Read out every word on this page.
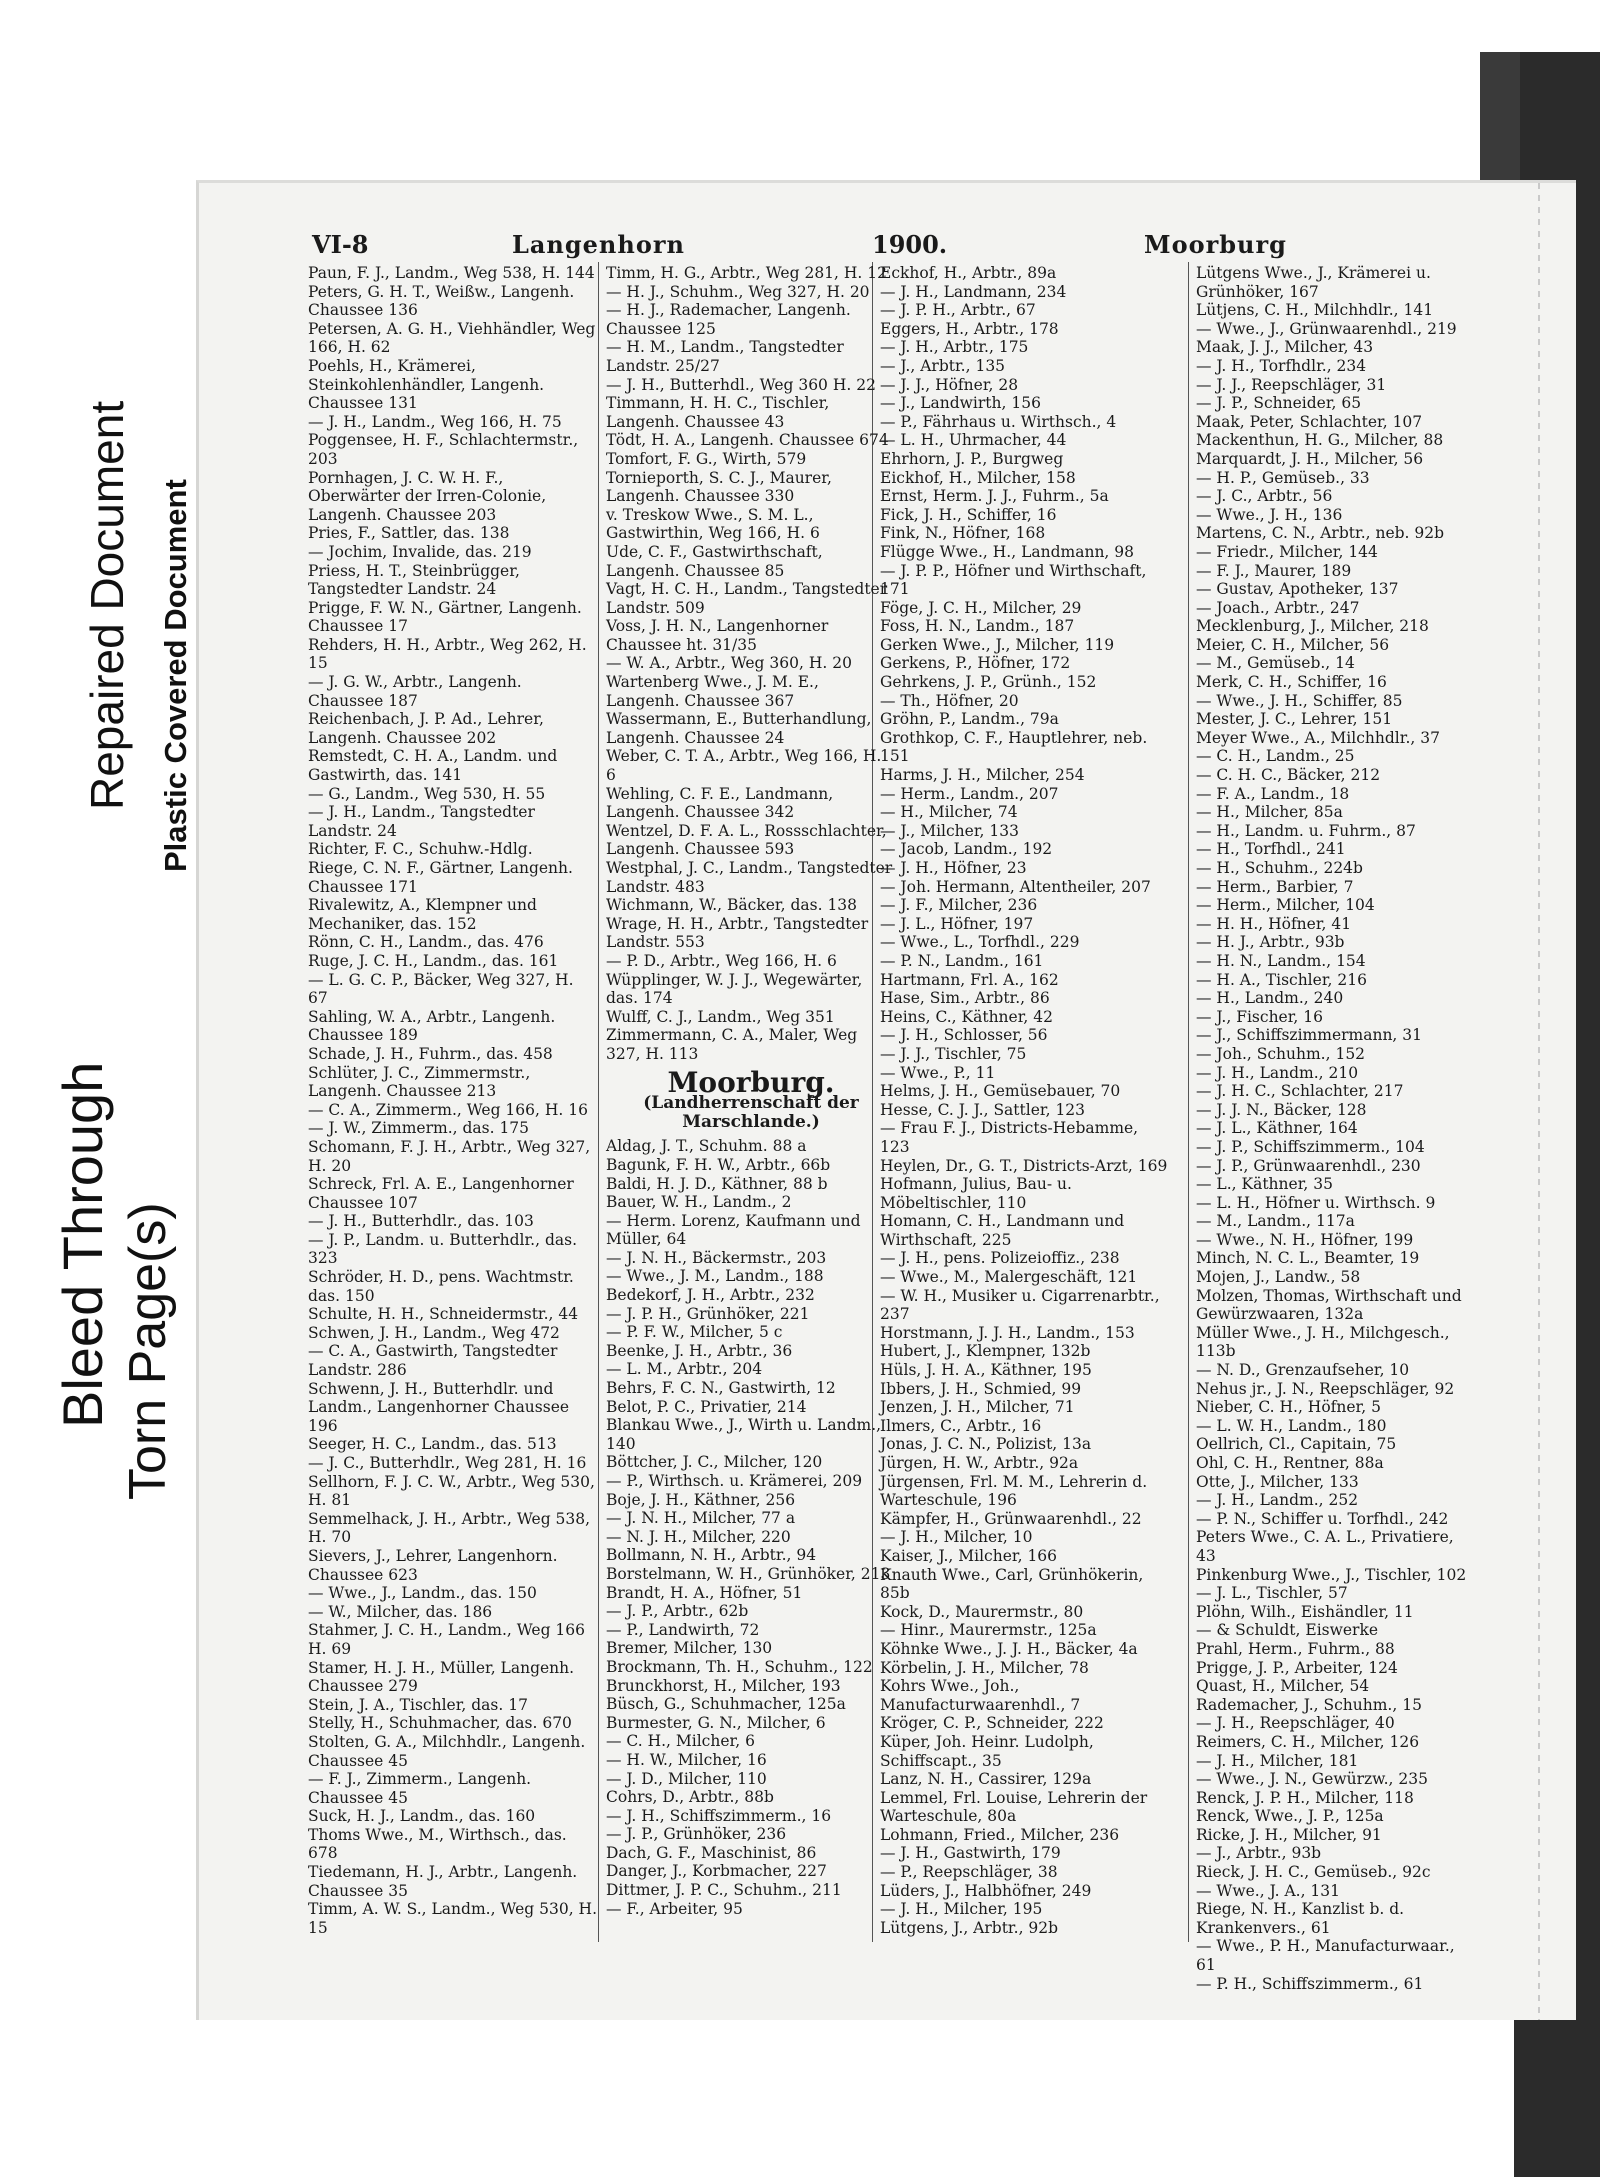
Bleed Through Torn Page(s)
Repaired Document Plastic Covered Document
VI-8	Langenhorn	1900.	Moorburg

Paun, F. J., Landm., Weg 538, H. 144

Peters, G. H. T., Weißw., Langenh. Chaussee 136

Petersen, A. G. H., Viehhändler, Weg 166, H. 62

Poehls, H., Krämerei, Steinkohlenhändler, Langenh. Chaussee 131

— J. H., Landm., Weg 166, H. 75

Poggensee, H. F., Schlachtermstr., 203

Pornhagen, J. C. W. H. F., Oberwärter der Irren-Colonie, Langenh. Chaussee 203

Pries, F., Sattler, das. 138

— Jochim, Invalide, das. 219

Priess, H. T., Steinbrügger, Tangstedter Landstr. 24

Prigge, F. W. N., Gärtner, Langenh. Chaussee 17

Rehders, H. H., Arbtr., Weg 262, H. 15

— J. G. W., Arbtr., Langenh. Chaussee 187

Reichenbach, J. P. Ad., Lehrer, Langenh. Chaussee 202

Remstedt, C. H. A., Landm. und Gastwirth, das. 141

— G., Landm., Weg 530, H. 55

— J. H., Landm., Tangstedter Landstr. 24

Richter, F. C., Schuhw.-Hdlg.

Riege, C. N. F., Gärtner, Langenh. Chaussee 171

Rivalewitz, A., Klempner und Mechaniker, das. 152

Rönn, C. H., Landm., das. 476

Ruge, J. C. H., Landm., das. 161

— L. G. C. P., Bäcker, Weg 327, H. 67

Sahling, W. A., Arbtr., Langenh. Chaussee 189

Schade, J. H., Fuhrm., das. 458

Schlüter, J. C., Zimmermstr., Langenh. Chaussee 213

— C. A., Zimmerm., Weg 166, H. 16

— J. W., Zimmerm., das. 175

Schomann, F. J. H., Arbtr., Weg 327, H. 20

Schreck, Frl. A. E., Langenhorner Chaussee 107

— J. H., Butterhdlr., das. 103

— J. P., Landm. u. Butterhdlr., das. 323

Schröder, H. D., pens. Wachtmstr. das. 150

Schulte, H. H., Schneidermstr., 44

Schwen, J. H., Landm., Weg 472

— C. A., Gastwirth, Tangstedter Landstr. 286

Schwenn, J. H., Butterhdlr. und Landm., Langenhorner Chaussee 196

Seeger, H. C., Landm., das. 513

— J. C., Butterhdlr., Weg 281, H. 16

Sellhorn, F. J. C. W., Arbtr., Weg 530, H. 81

Semmelhack, J. H., Arbtr., Weg 538, H. 70

Sievers, J., Lehrer, Langenhorn. Chaussee 623

— Wwe., J., Landm., das. 150

— W., Milcher, das. 186

Stahmer, J. C. H., Landm., Weg 166 H. 69

Stamer, H. J. H., Müller, Langenh. Chaussee 279

Stein, J. A., Tischler, das. 17

Stelly, H., Schuhmacher, das. 670

Stolten, G. A., Milchhdlr., Langenh. Chaussee 45

— F. J., Zimmerm., Langenh. Chaussee 45

Suck, H. J., Landm., das. 160

Thoms Wwe., M., Wirthsch., das. 678

Tiedemann, H. J., Arbtr., Langenh. Chaussee 35

Timm, A. W. S., Landm., Weg 530, H. 15

Timm, H. G., Arbtr., Weg 281, H. 12

— H. J., Schuhm., Weg 327, H. 20

— H. J., Rademacher, Langenh. Chaussee 125

— H. M., Landm., Tangstedter Landstr. 25/27

— J. H., Butterhdl., Weg 360 H. 22

Timmann, H. H. C., Tischler, Langenh. Chaussee 43

Tödt, H. A., Langenh. Chaussee 674

Tomfort, F. G., Wirth, 579

Tornieporth, S. C. J., Maurer, Langenh. Chaussee 330

v. Treskow Wwe., S. M. L., Gastwirthin, Weg 166, H. 6

Ude, C. F., Gastwirthschaft, Langenh. Chaussee 85

Vagt, H. C. H., Landm., Tangstedter Landstr. 509

Voss, J. H. N., Langenhorner Chaussee ht. 31/35

— W. A., Arbtr., Weg 360, H. 20

Wartenberg Wwe., J. M. E., Langenh. Chaussee 367

Wassermann, E., Butterhandlung, Langenh. Chaussee 24

Weber, C. T. A., Arbtr., Weg 166, H. 6

Wehling, C. F. E., Landmann, Langenh. Chaussee 342

Wentzel, D. F. A. L., Rossschlachter, Langenh. Chaussee 593

Westphal, J. C., Landm., Tangstedter Landstr. 483

Wichmann, W., Bäcker, das. 138

Wrage, H. H., Arbtr., Tangstedter Landstr. 553

— P. D., Arbtr., Weg 166, H. 6

Wüpplinger, W. J. J., Wegewärter, das. 174

Wulff, C. J., Landm., Weg 351

Zimmermann, C. A., Maler, Weg 327, H. 113

Moorburg.

(Landherrenschaft der Marschlande.)

Aldag, J. T., Schuhm. 88 a

Bagunk, F. H. W., Arbtr., 66b

Baldi, H. J. D., Käthner, 88 b

Bauer, W. H., Landm., 2

— Herm. Lorenz, Kaufmann und Müller, 64

— J. N. H., Bäckermstr., 203

— Wwe., J. M., Landm., 188

Bedekorf, J. H., Arbtr., 232

— J. P. H., Grünhöker, 221

— P. F. W., Milcher, 5 c

Beenke, J. H., Arbtr., 36

— L. M., Arbtr., 204

Behrs, F. C. N., Gastwirth, 12

Belot, P. C., Privatier, 214

Blankau Wwe., J., Wirth u. Landm., 140

Böttcher, J. C., Milcher, 120

— P., Wirthsch. u. Krämerei, 209

Boje, J. H., Käthner, 256

— J. N. H., Milcher, 77 a

— N. J. H., Milcher, 220

Bollmann, N. H., Arbtr., 94

Borstelmann, W. H., Grünhöker, 213

Brandt, H. A., Höfner, 51

— J. P., Arbtr., 62b

— P., Landwirth, 72

Bremer, Milcher, 130

Brockmann, Th. H., Schuhm., 122

Brunckhorst, H., Milcher, 193

Büsch, G., Schuhmacher, 125a

Burmester, G. N., Milcher, 6

— C. H., Milcher, 6

— H. W., Milcher, 16

— J. D., Milcher, 110

Cohrs, D., Arbtr., 88b

— J. H., Schiffszimmerm., 16

— J. P., Grünhöker, 236

Dach, G. F., Maschinist, 86

Danger, J., Korbmacher, 227

Dittmer, J. P. C., Schuhm., 211

— F., Arbeiter, 95

Eckhof, H., Arbtr., 89a

— J. H., Landmann, 234

— J. P. H., Arbtr., 67

Eggers, H., Arbtr., 178

— J. H., Arbtr., 175

— J., Arbtr., 135

— J. J., Höfner, 28

— J., Landwirth, 156

— P., Fährhaus u. Wirthsch., 4

— L. H., Uhrmacher, 44

Ehrhorn, J. P., Burgweg

Eickhof, H., Milcher, 158

Ernst, Herm. J. J., Fuhrm., 5a

Fick, J. H., Schiffer, 16

Fink, N., Höfner, 168

Flügge Wwe., H., Landmann, 98

— J. P. P., Höfner und Wirthschaft, 171

Föge, J. C. H., Milcher, 29

Foss, H. N., Landm., 187

Gerken Wwe., J., Milcher, 119

Gerkens, P., Höfner, 172

Gehrkens, J. P., Grünh., 152

— Th., Höfner, 20

Gröhn, P., Landm., 79a

Grothkop, C. F., Hauptlehrer, neb. 151

Harms, J. H., Milcher, 254

— Herm., Landm., 207

— H., Milcher, 74

— J., Milcher, 133

— Jacob, Landm., 192

— J. H., Höfner, 23

— Joh. Hermann, Altentheiler, 207

— J. F., Milcher, 236

— J. L., Höfner, 197

— Wwe., L., Torfhdl., 229

— P. N., Landm., 161

Hartmann, Frl. A., 162

Hase, Sim., Arbtr., 86

Heins, C., Käthner, 42

— J. H., Schlosser, 56

— J. J., Tischler, 75

— Wwe., P., 11

Helms, J. H., Gemüsebauer, 70

Hesse, C. J. J., Sattler, 123

— Frau F. J., Districts-Hebamme, 123

Heylen, Dr., G. T., Districts-Arzt, 169

Hofmann, Julius, Bau- u. Möbeltischler, 110

Homann, C. H., Landmann und Wirthschaft, 225

— J. H., pens. Polizeioffiz., 238

— Wwe., M., Malergeschäft, 121

— W. H., Musiker u. Cigarrenarbtr., 237

Horstmann, J. J. H., Landm., 153

Hubert, J., Klempner, 132b

Hüls, J. H. A., Käthner, 195

Ibbers, J. H., Schmied, 99

Jenzen, J. H., Milcher, 71

Ilmers, C., Arbtr., 16

Jonas, J. C. N., Polizist, 13a

Jürgen, H. W., Arbtr., 92a

Jürgensen, Frl. M. M., Lehrerin d. Warteschule, 196

Kämpfer, H., Grünwaarenhdl., 22

— J. H., Milcher, 10

Kaiser, J., Milcher, 166

Knauth Wwe., Carl, Grünhökerin, 85b

Kock, D., Maurermstr., 80

— Hinr., Maurermstr., 125a

Köhnke Wwe., J. J. H., Bäcker, 4a

Körbelin, J. H., Milcher, 78

Kohrs Wwe., Joh., Manufacturwaarenhdl., 7

Kröger, C. P., Schneider, 222

Küper, Joh. Heinr. Ludolph, Schiffscapt., 35

Lanz, N. H., Cassirer, 129a

Lemmel, Frl. Louise, Lehrerin der Warteschule, 80a

Lohmann, Fried., Milcher, 236

— J. H., Gastwirth, 179

— P., Reepschläger, 38

Lüders, J., Halbhöfner, 249

— J. H., Milcher, 195

Lütgens, J., Arbtr., 92b

Lütgens Wwe., J., Krämerei u. Grünhöker, 167

Lütjens, C. H., Milchhdlr., 141

— Wwe., J., Grünwaarenhdl., 219

Maak, J. J., Milcher, 43

— J. H., Torfhdlr., 234

— J. J., Reepschläger, 31

— J. P., Schneider, 65

Maak, Peter, Schlachter, 107

Mackenthun, H. G., Milcher, 88

Marquardt, J. H., Milcher, 56

— H. P., Gemüseb., 33

— J. C., Arbtr., 56

— Wwe., J. H., 136

Martens, C. N., Arbtr., neb. 92b

— Friedr., Milcher, 144

— F. J., Maurer, 189

— Gustav, Apotheker, 137

— Joach., Arbtr., 247

Mecklenburg, J., Milcher, 218

Meier, C. H., Milcher, 56

— M., Gemüseb., 14

Merk, C. H., Schiffer, 16

— Wwe., J. H., Schiffer, 85

Mester, J. C., Lehrer, 151

Meyer Wwe., A., Milchhdlr., 37

— C. H., Landm., 25

— C. H. C., Bäcker, 212

— F. A., Landm., 18

— H., Milcher, 85a

— H., Landm. u. Fuhrm., 87

— H., Torfhdl., 241

— H., Schuhm., 224b

— Herm., Barbier, 7

— Herm., Milcher, 104

— H. H., Höfner, 41

— H. J., Arbtr., 93b

— H. N., Landm., 154

— H. A., Tischler, 216

— H., Landm., 240

— J., Fischer, 16

— J., Schiffszimmermann, 31

— Joh., Schuhm., 152

— J. H., Landm., 210

— J. H. C., Schlachter, 217

— J. J. N., Bäcker, 128

— J. L., Käthner, 164

— J. P., Schiffszimmerm., 104

— J. P., Grünwaarenhdl., 230

— L., Käthner, 35

— L. H., Höfner u. Wirthsch. 9

— M., Landm., 117a

— Wwe., N. H., Höfner, 199

Minch, N. C. L., Beamter, 19

Mojen, J., Landw., 58

Molzen, Thomas, Wirthschaft und Gewürzwaaren, 132a

Müller Wwe., J. H., Milchgesch., 113b

— N. D., Grenzaufseher, 10

Nehus jr., J. N., Reepschläger, 92

Nieber, C. H., Höfner, 5

— L. W. H., Landm., 180

Oellrich, Cl., Capitain, 75

Ohl, C. H., Rentner, 88a

Otte, J., Milcher, 133

— J. H., Landm., 252

— P. N., Schiffer u. Torfhdl., 242

Peters Wwe., C. A. L., Privatiere, 43

Pinkenburg Wwe., J., Tischler, 102

— J. L., Tischler, 57

Plöhn, Wilh., Eishändler, 11

— & Schuldt, Eiswerke

Prahl, Herm., Fuhrm., 88

Prigge, J. P., Arbeiter, 124

Quast, H., Milcher, 54

Rademacher, J., Schuhm., 15

— J. H., Reepschläger, 40

Reimers, C. H., Milcher, 126

— J. H., Milcher, 181

— Wwe., J. N., Gewürzw., 235

Renck, J. P. H., Milcher, 118

Renck, Wwe., J. P., 125a

Ricke, J. H., Milcher, 91

— J., Arbtr., 93b

Rieck, J. H. C., Gemüseb., 92c

— Wwe., J. A., 131

Riege, N. H., Kanzlist b. d. Krankenvers., 61

— Wwe., P. H., Manufacturwaar., 61

— P. H., Schiffszimmerm., 61
